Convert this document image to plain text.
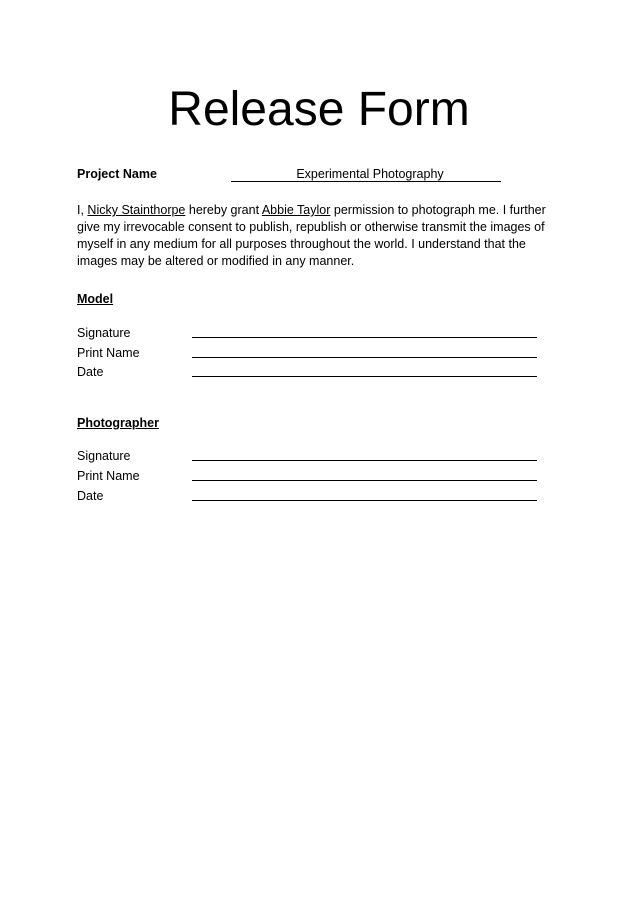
Release Form
Project Name	Experimental Photography
I, Nicky Stainthorpe hereby grant Abbie Taylor permission to photograph me. I further give my irrevocable consent to publish, republish or otherwise transmit the images of myself in any medium for all purposes throughout the world. I understand that the images may be altered or modified in any manner.
Model
Signature
Print Name
Date
Photographer
Signature
Print Name
Date
